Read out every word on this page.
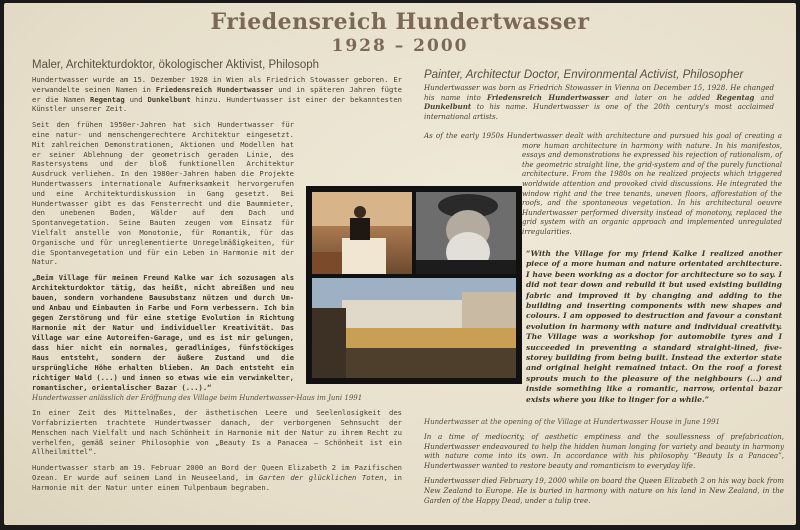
Friedensreich Hundertwasser
1928 – 2000
Maler, Architekturdoktor, ökologischer Aktivist, Philosoph

Hundertwasser wurde am 15. Dezember 1928 in Wien als Friedrich Stowasser geboren. Er verwandelte seinen Namen in Friedensreich Hundertwasser und in späteren Jahren fügte er die Namen Regentag und Dunkelbunt hinzu. Hundertwasser ist einer der bekanntesten Künstler unserer Zeit.

Seit den frühen 1950er-Jahren hat sich Hundertwasser für eine natur- und menschengerechtere Architektur eingesetzt. Mit zahlreichen Demonstrationen, Aktionen und Modellen hat er seiner Ablehnung der geometrisch geraden Linie, des Rastersystems und der bloß funktionellen Architektur Ausdruck verliehen. In den 1980er-Jahren haben die Projekte Hundertwassers internationale Aufmerksamkeit hervorgerufen und eine Architekturdiskussion in Gang gesetzt. Bei Hundertwasser gibt es das Fensterrecht und die Baummieter, den unebenen Boden, Wälder auf dem Dach und Spontanvegetation. Seine Bauten zeugen vom Einsatz für Vielfalt anstelle von Monotonie, für Romantik, für das Organische und für unreglementierte Unregelmäßigkeiten, für die Spontanvegetation und für ein Leben in Harmonie mit der Natur.

„Beim Village für meinen Freund Kalke war ich sozusagen als Architekturdoktor tätig, das heißt, nicht abreißen und neu bauen, sondern vorhandene Bausubstanz nützen und durch Um- und Anbau und Einbauten in Farbe und Form verbessern. Ich bin gegen Zerstörung und für eine stetige Evolution in Richtung Harmonie mit der Natur und individueller Kreativität. Das Village war eine Autoreifen-Garage, und es ist mir gelungen, dass hier nicht ein normales, geradliniges, fünfstöckiges Haus entsteht, sondern der äußere Zustand und die ursprüngliche Höhe erhalten blieben. Am Dach entsteht ein richtiger Wald (...) und innen so etwas wie ein verwinkelter, romantischer, orientalischer Bazar (...).“

Hundertwasser anlässlich der Eröffnung des Village beim Hundertwasser-Haus im Juni 1991

In einer Zeit des Mittelmaßes, der ästhetischen Leere und Seelenlosigkeit des Vorfabrizierten trachtete Hundertwasser danach, der verborgenen Sehnsucht der Menschen nach Vielfalt und nach Schönheit in Harmonie mit der Natur zu ihrem Recht zu verhelfen, gemäß seiner Philosophie von „Beauty Is a Panacea – Schönheit ist ein Allheilmittel“.

Hundertwasser starb am 19. Februar 2000 an Bord der Queen Elizabeth 2 im Pazifischen Ozean. Er wurde auf seinem Land in Neuseeland, im Garten der glücklichen Toten, in Harmonie mit der Natur unter einem Tulpenbaum begraben.

Painter, Architectur Doctor, Environmental Activist, Philosopher

Hundertwasser was born as Friedrich Stowasser in Vienna on December 15, 1928. He changed his name into Friedensreich Hundertwasser and later on he added Regentag and Dunkelbunt to his name. Hundertwasser is one of the 20th century's most acclaimed international artists.

As of the early 1950s Hundertwasser dealt with architecture and pursued his goal of creating a more human architecture in harmony with nature. In his manifestos, essays and demonstrations he expressed his rejection of rationalism, of the geometric straight line, the grid-system and of the purely functional architecture. From the 1980s on he realized projects which triggered worldwide attention and provoked civid discussions. He integrated the window right and the tree tenants, uneven floors, afforestation of the roofs, and the spontaneous vegetation. In his architectural oeuvre Hundertwasser performed diversity instead of monotony, replaced the grid system with an organic approach and implemented unregulated irregularities.

“With the Village for my friend Kalke I realized another piece of a more human and nature orientated architecture. I have been working as a doctor for architecture so to say. I did not tear down and rebuild it but used existing building fabric and improved it by changing and adding to the building and inserting components with new shapes and colours. I am opposed to destruction and favour a constant evolution in harmony with nature and individual creativity. The Village was a workshop for automobile tyres and I succeeded in preventing a standard straight-lined, five-storey building from being built. Instead the exterior state and original height remained intact. On the roof a forest sprouts much to the pleasure of the neighbours (...) and inside something like a romantic, narrow, oriental bazar exists where you like to linger for a while.”

Hundertwasser at the opening of the Village at Hundertwasser House in June 1991

In a time of mediocrity, of aesthetic emptiness and the soullessness of prefabrication, Hundertwasser endeavoured to help the hidden human longing for variety and beauty in harmony with nature come into its own. In accordance with his philosophy “Beauty Is a Panacea”, Hundertwasser wanted to restore beauty and romanticism to everyday life.

Hundertwasser died February 19, 2000 while on board the Queen Elizabeth 2 on his way back from New Zealand to Europe. He is buried in harmony with nature on his land in New Zealand, in the Garden of the Happy Dead, under a tulip tree.
